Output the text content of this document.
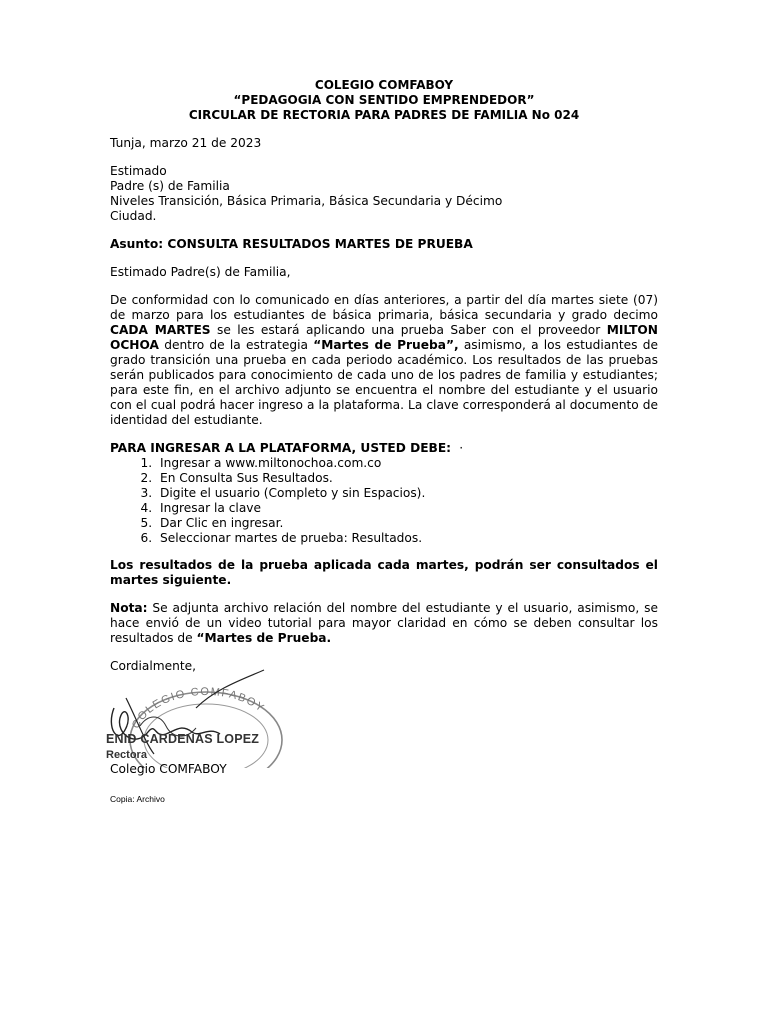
COLEGIO COMFABOY
“PEDAGOGIA CON SENTIDO EMPRENDEDOR”
CIRCULAR DE RECTORIA PARA PADRES DE FAMILIA No 024
Tunja, marzo 21 de 2023
Estimado
Padre (s) de Familia
Niveles Transición, Básica Primaria, Básica Secundaria y Décimo
Ciudad.
Asunto: CONSULTA RESULTADOS MARTES DE PRUEBA
Estimado Padre(s) de Familia,
De conformidad con lo comunicado en días anteriores, a partir del día martes siete (07) de marzo para los estudiantes de básica primaria, básica secundaria y grado decimo CADA MARTES se les estará aplicando una prueba Saber con el proveedor MILTON OCHOA dentro de la estrategia “Martes de Prueba”, asimismo, a los estudiantes de grado transición una prueba en cada periodo académico. Los resultados de las pruebas serán publicados para conocimiento de cada uno de los padres de familia y estudiantes; para este fin, en el archivo adjunto se encuentra el nombre del estudiante y el usuario con el cual podrá hacer ingreso a la plataforma. La clave corresponderá al documento de identidad del estudiante.
PARA INGRESAR A LA PLATAFORMA, USTED DEBE: ·
1. Ingresar a www.miltonochoa.com.co
2. En Consulta Sus Resultados.
3. Digite el usuario (Completo y sin Espacios).
4. Ingresar la clave
5. Dar Clic en ingresar.
6. Seleccionar martes de prueba: Resultados.
Los resultados de la prueba aplicada cada martes, podrán ser consultados el martes siguiente.
Nota: Se adjunta archivo relación del nombre del estudiante y el usuario, asimismo, se hace envió de un video tutorial para mayor claridad en cómo se deben consultar los resultados de “Martes de Prueba.
Cordialmente,
COLEGIO COMFABOY
ENID CARDENAS LOPEZ
Rectora
Colegio COMFABOY
Copia: Archivo
